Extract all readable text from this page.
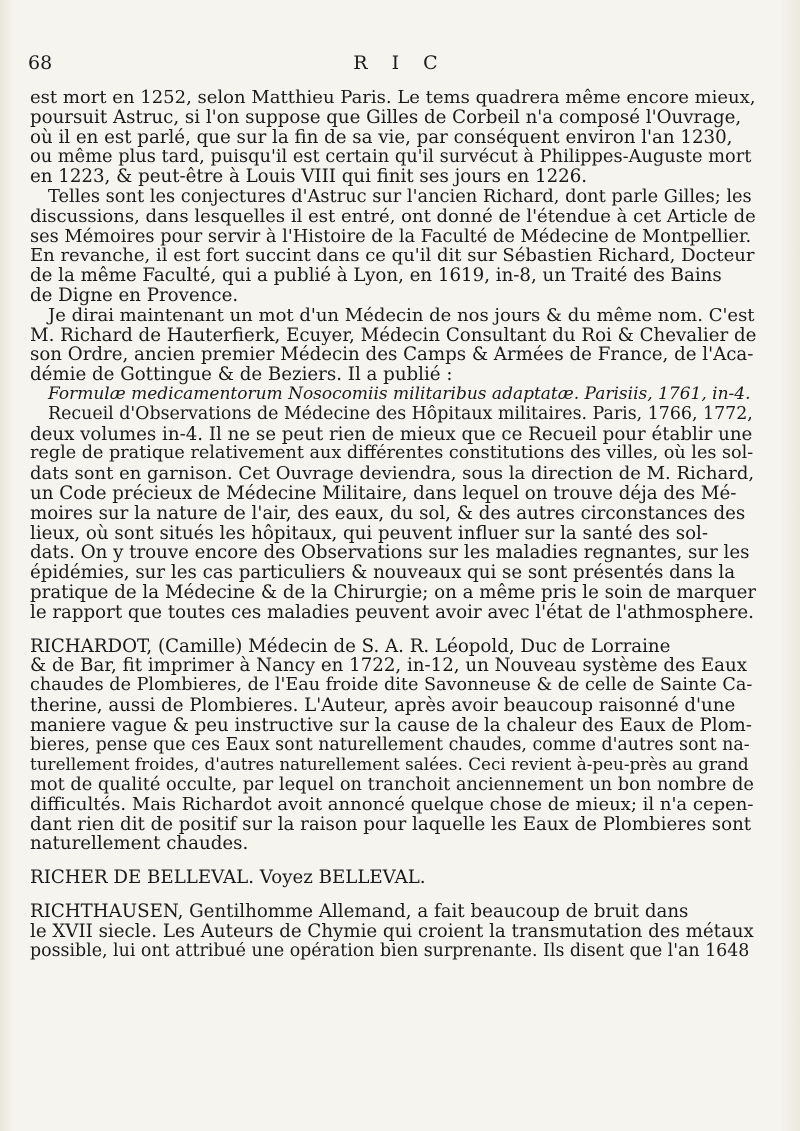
68	R I C

est mort en 1252, selon Matthieu Paris. Le tems quadrera même encore mieux,
poursuit Astruc, si l'on suppose que Gilles de Corbeil n'a composé l'Ouvrage,
où il en est parlé, que sur la fin de sa vie, par conséquent environ l'an 1230,
ou même plus tard, puisqu'il est certain qu'il survécut à Philippes-Auguste mort
en 1223, & peut-être à Louis VIII qui finit ses jours en 1226.

Telles sont les conjectures d'Astruc sur l'ancien Richard, dont parle Gilles; les
discussions, dans lesquelles il est entré, ont donné de l'étendue à cet Article de
ses Mémoires pour servir à l'Histoire de la Faculté de Médecine de Montpellier.
En revanche, il est fort succint dans ce qu'il dit sur Sébastien Richard, Docteur
de la même Faculté, qui a publié à Lyon, en 1619, in-8, un Traité des Bains
de Digne en Provence.

Je dirai maintenant un mot d'un Médecin de nos jours & du même nom. C'est
M. Richard de Hauterfierk, Ecuyer, Médecin Consultant du Roi & Chevalier de
son Ordre, ancien premier Médecin des Camps & Armées de France, de l'Aca-
démie de Gottingue & de Beziers. Il a publié :
Formulæ medicamentorum Nosocomiis militaribus adaptatæ. Parisiis, 1761, in-4.
Recueil d'Observations de Médecine des Hôpitaux militaires. Paris, 1766, 1772,
deux volumes in-4. Il ne se peut rien de mieux que ce Recueil pour établir une
regle de pratique relativement aux différentes constitutions des villes, où les sol-
dats sont en garnison. Cet Ouvrage deviendra, sous la direction de M. Richard,
un Code précieux de Médecine Militaire, dans lequel on trouve déja des Mé-
moires sur la nature de l'air, des eaux, du sol, & des autres circonstances des
lieux, où sont situés les hôpitaux, qui peuvent influer sur la santé des sol-
dats. On y trouve encore des Observations sur les maladies regnantes, sur les
épidémies, sur les cas particuliers & nouveaux qui se sont présentés dans la
pratique de la Médecine & de la Chirurgie; on a même pris le soin de marquer
le rapport que toutes ces maladies peuvent avoir avec l'état de l'athmosphere.

RICHARDOT, (Camille) Médecin de S. A. R. Léopold, Duc de Lorraine
& de Bar, fit imprimer à Nancy en 1722, in-12, un Nouveau système des Eaux
chaudes de Plombieres, de l'Eau froide dite Savonneuse & de celle de Sainte Ca-
therine, aussi de Plombieres. L'Auteur, après avoir beaucoup raisonné d'une
maniere vague & peu instructive sur la cause de la chaleur des Eaux de Plom-
bieres, pense que ces Eaux sont naturellement chaudes, comme d'autres sont na-
turellement froides, d'autres naturellement salées. Ceci revient à-peu-près au grand
mot de qualité occulte, par lequel on tranchoit anciennement un bon nombre de
difficultés. Mais Richardot avoit annoncé quelque chose de mieux; il n'a cepen-
dant rien dit de positif sur la raison pour laquelle les Eaux de Plombieres sont
naturellement chaudes.

RICHER DE BELLEVAL. Voyez BELLEVAL.

RICHTHAUSEN, Gentilhomme Allemand, a fait beaucoup de bruit dans
le XVII siecle. Les Auteurs de Chymie qui croient la transmutation des métaux
possible, lui ont attribué une opération bien surprenante. Ils disent que l'an 1648
